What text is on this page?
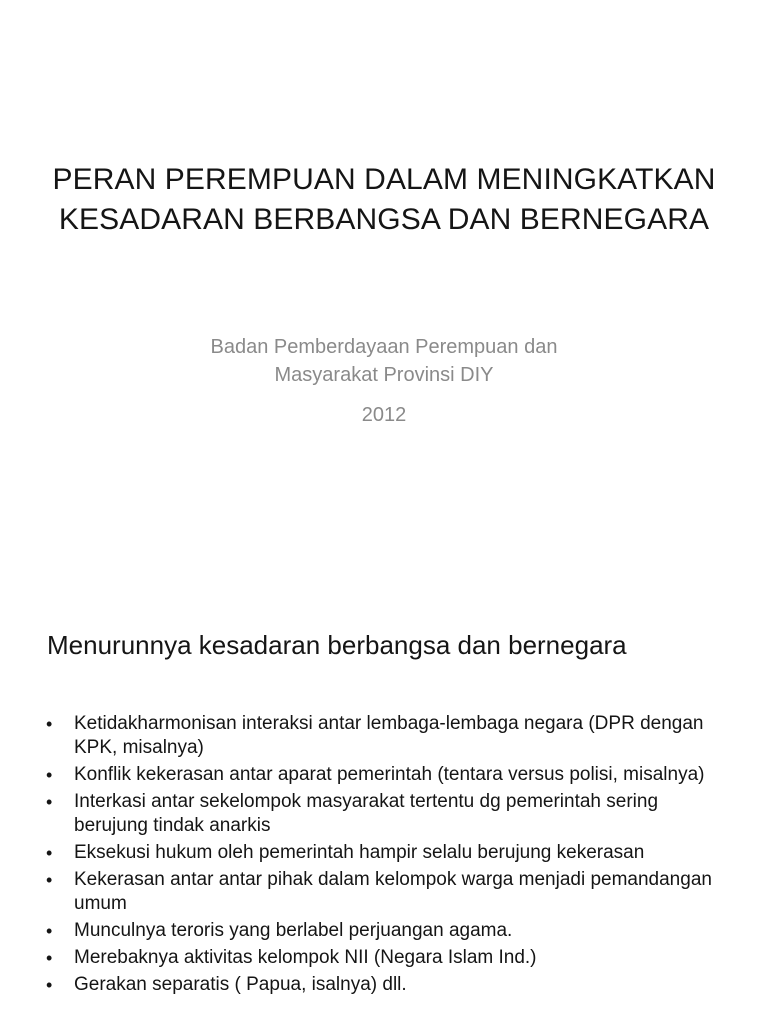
PERAN PEREMPUAN DALAM MENINGKATKAN
KESADARAN BERBANGSA DAN BERNEGARA
Badan Pemberdayaan Perempuan dan
Masyarakat Provinsi DIY
2012
Menurunnya kesadaran berbangsa dan bernegara
•	Ketidakharmonisan interaksi antar lembaga-lembaga negara (DPR dengan KPK, misalnya)
•	Konflik kekerasan antar aparat pemerintah (tentara versus polisi, misalnya)
•	Interkasi antar sekelompok masyarakat tertentu dg pemerintah sering berujung tindak anarkis
•	Eksekusi hukum oleh pemerintah hampir selalu berujung kekerasan
•	Kekerasan antar antar pihak dalam kelompok warga menjadi pemandangan umum
•	Munculnya teroris yang berlabel perjuangan agama.
•	Merebaknya aktivitas kelompok NII (Negara Islam Ind.)
•	Gerakan separatis ( Papua, isalnya) dll.
